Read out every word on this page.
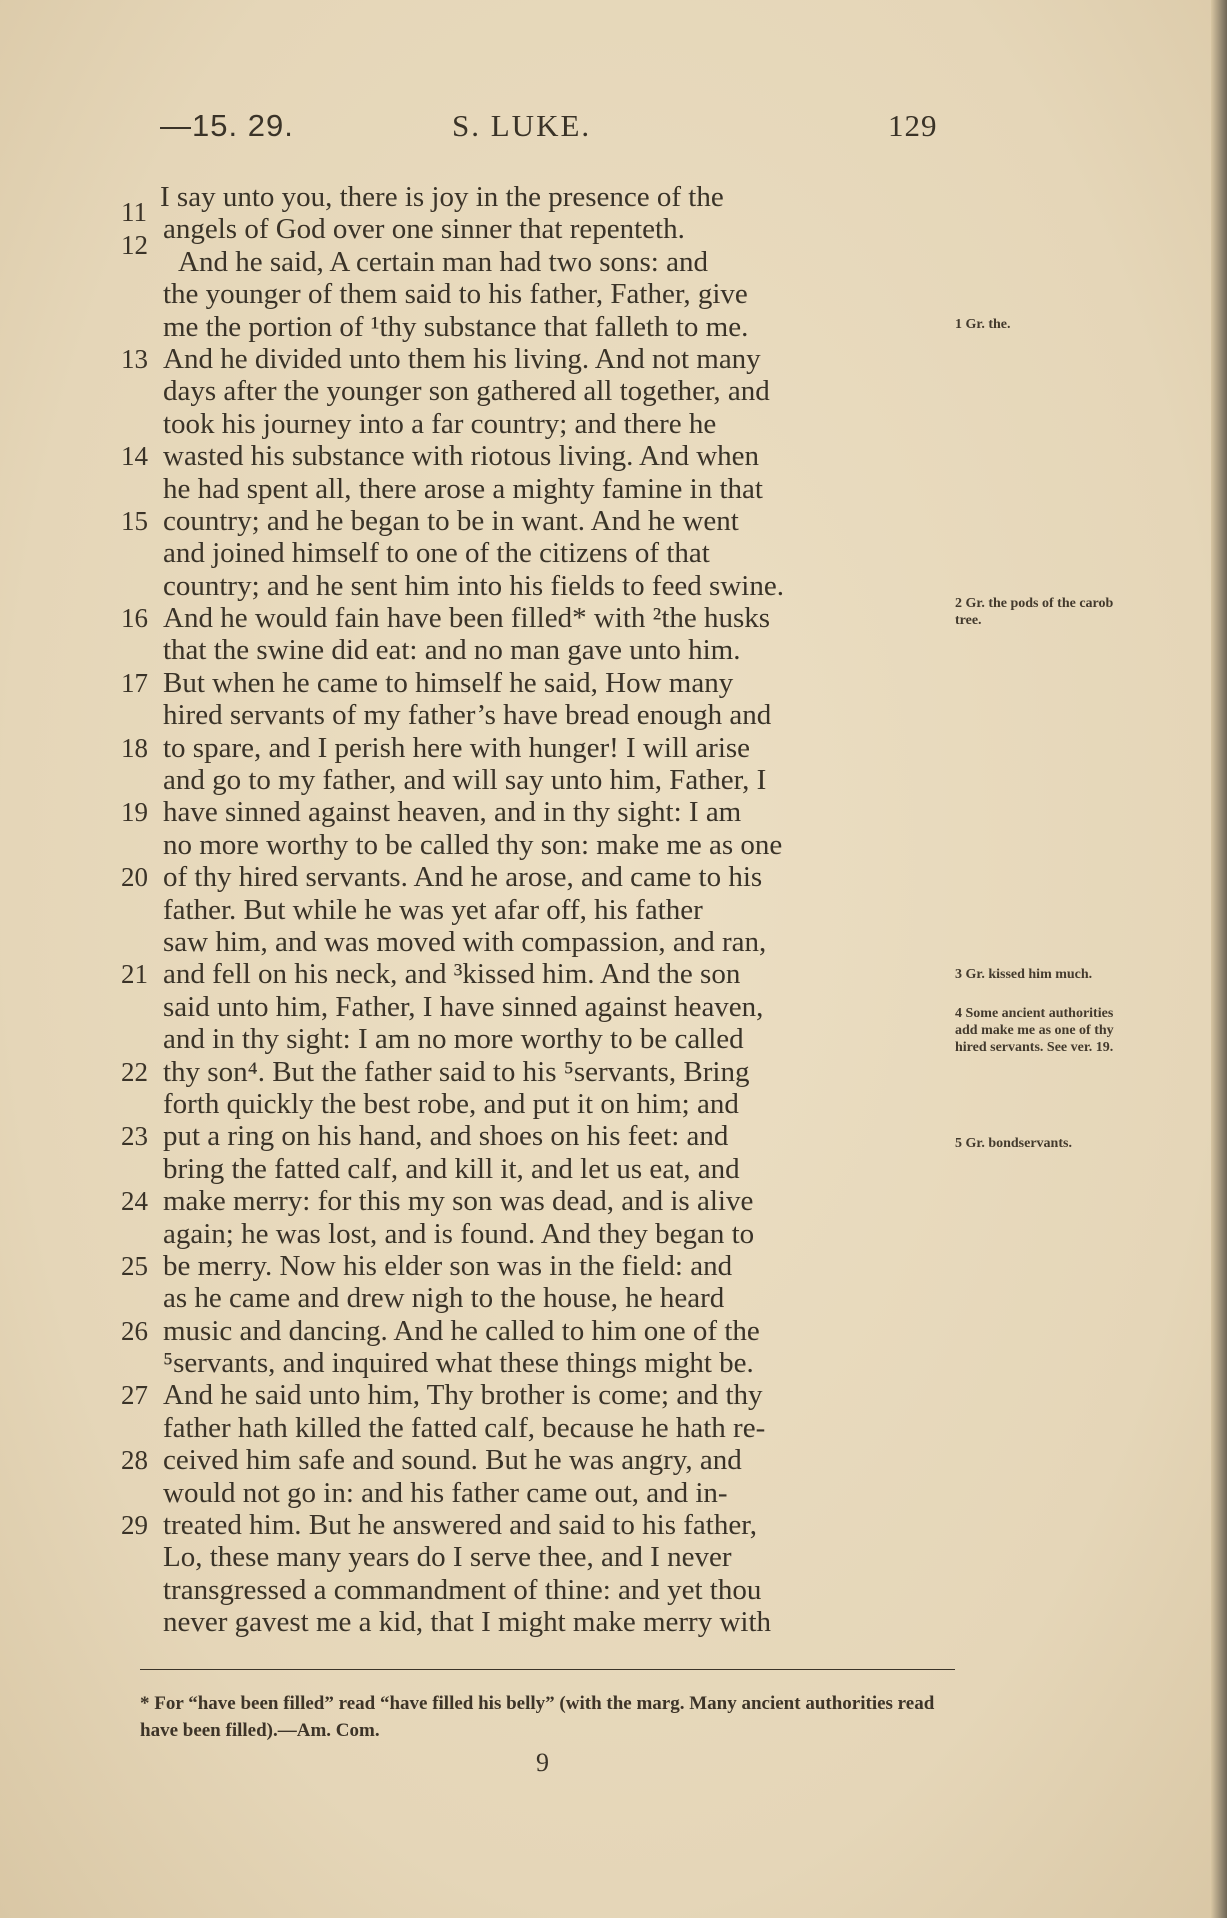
—15. 29.	S. LUKE.	129
I say unto you, there is joy in the presence of the
11
angels of God over one sinner that repenteth.
12
And he said, A certain man had two sons: and
the younger of them said to his father, Father, give
me the portion of ¹thy substance that falleth to me.
13 And he divided unto them his living. And not many
days after the younger son gathered all together, and
took his journey into a far country; and there he
14 wasted his substance with riotous living. And when
he had spent all, there arose a mighty famine in that
15 country; and he began to be in want. And he went
and joined himself to one of the citizens of that
country; and he sent him into his fields to feed swine.
16 And he would fain have been filled* with ²the husks
that the swine did eat: and no man gave unto him.
17 But when he came to himself he said, How many
hired servants of my father’s have bread enough and
18 to spare, and I perish here with hunger! I will arise
and go to my father, and will say unto him, Father, I
19 have sinned against heaven, and in thy sight: I am
no more worthy to be called thy son: make me as one
20 of thy hired servants. And he arose, and came to his
father. But while he was yet afar off, his father
saw him, and was moved with compassion, and ran,
21 and fell on his neck, and ³kissed him. And the son
said unto him, Father, I have sinned against heaven,
and in thy sight: I am no more worthy to be called
22 thy son⁴. But the father said to his ⁵servants, Bring
forth quickly the best robe, and put it on him; and
23 put a ring on his hand, and shoes on his feet: and
bring the fatted calf, and kill it, and let us eat, and
24 make merry: for this my son was dead, and is alive
again; he was lost, and is found. And they began to
25 be merry. Now his elder son was in the field: and
as he came and drew nigh to the house, he heard
26 music and dancing. And he called to him one of the
⁵servants, and inquired what these things might be.
27 And he said unto him, Thy brother is come; and thy
father hath killed the fatted calf, because he hath re-
28 ceived him safe and sound. But he was angry, and
would not go in: and his father came out, and in-
29 treated him. But he answered and said to his father,
Lo, these many years do I serve thee, and I never
transgressed a commandment of thine: and yet thou
never gavest me a kid, that I might make merry with
1 Gr. the.
2 Gr. the pods of the carob tree.
3 Gr. kissed him much.
4 Some ancient authorities add make me as one of thy hired servants. See ver. 19.
5 Gr. bondservants.
* For “have been filled” read “have filled his belly” (with the marg. Many ancient authorities read have been filled).—Am. Com.
9
